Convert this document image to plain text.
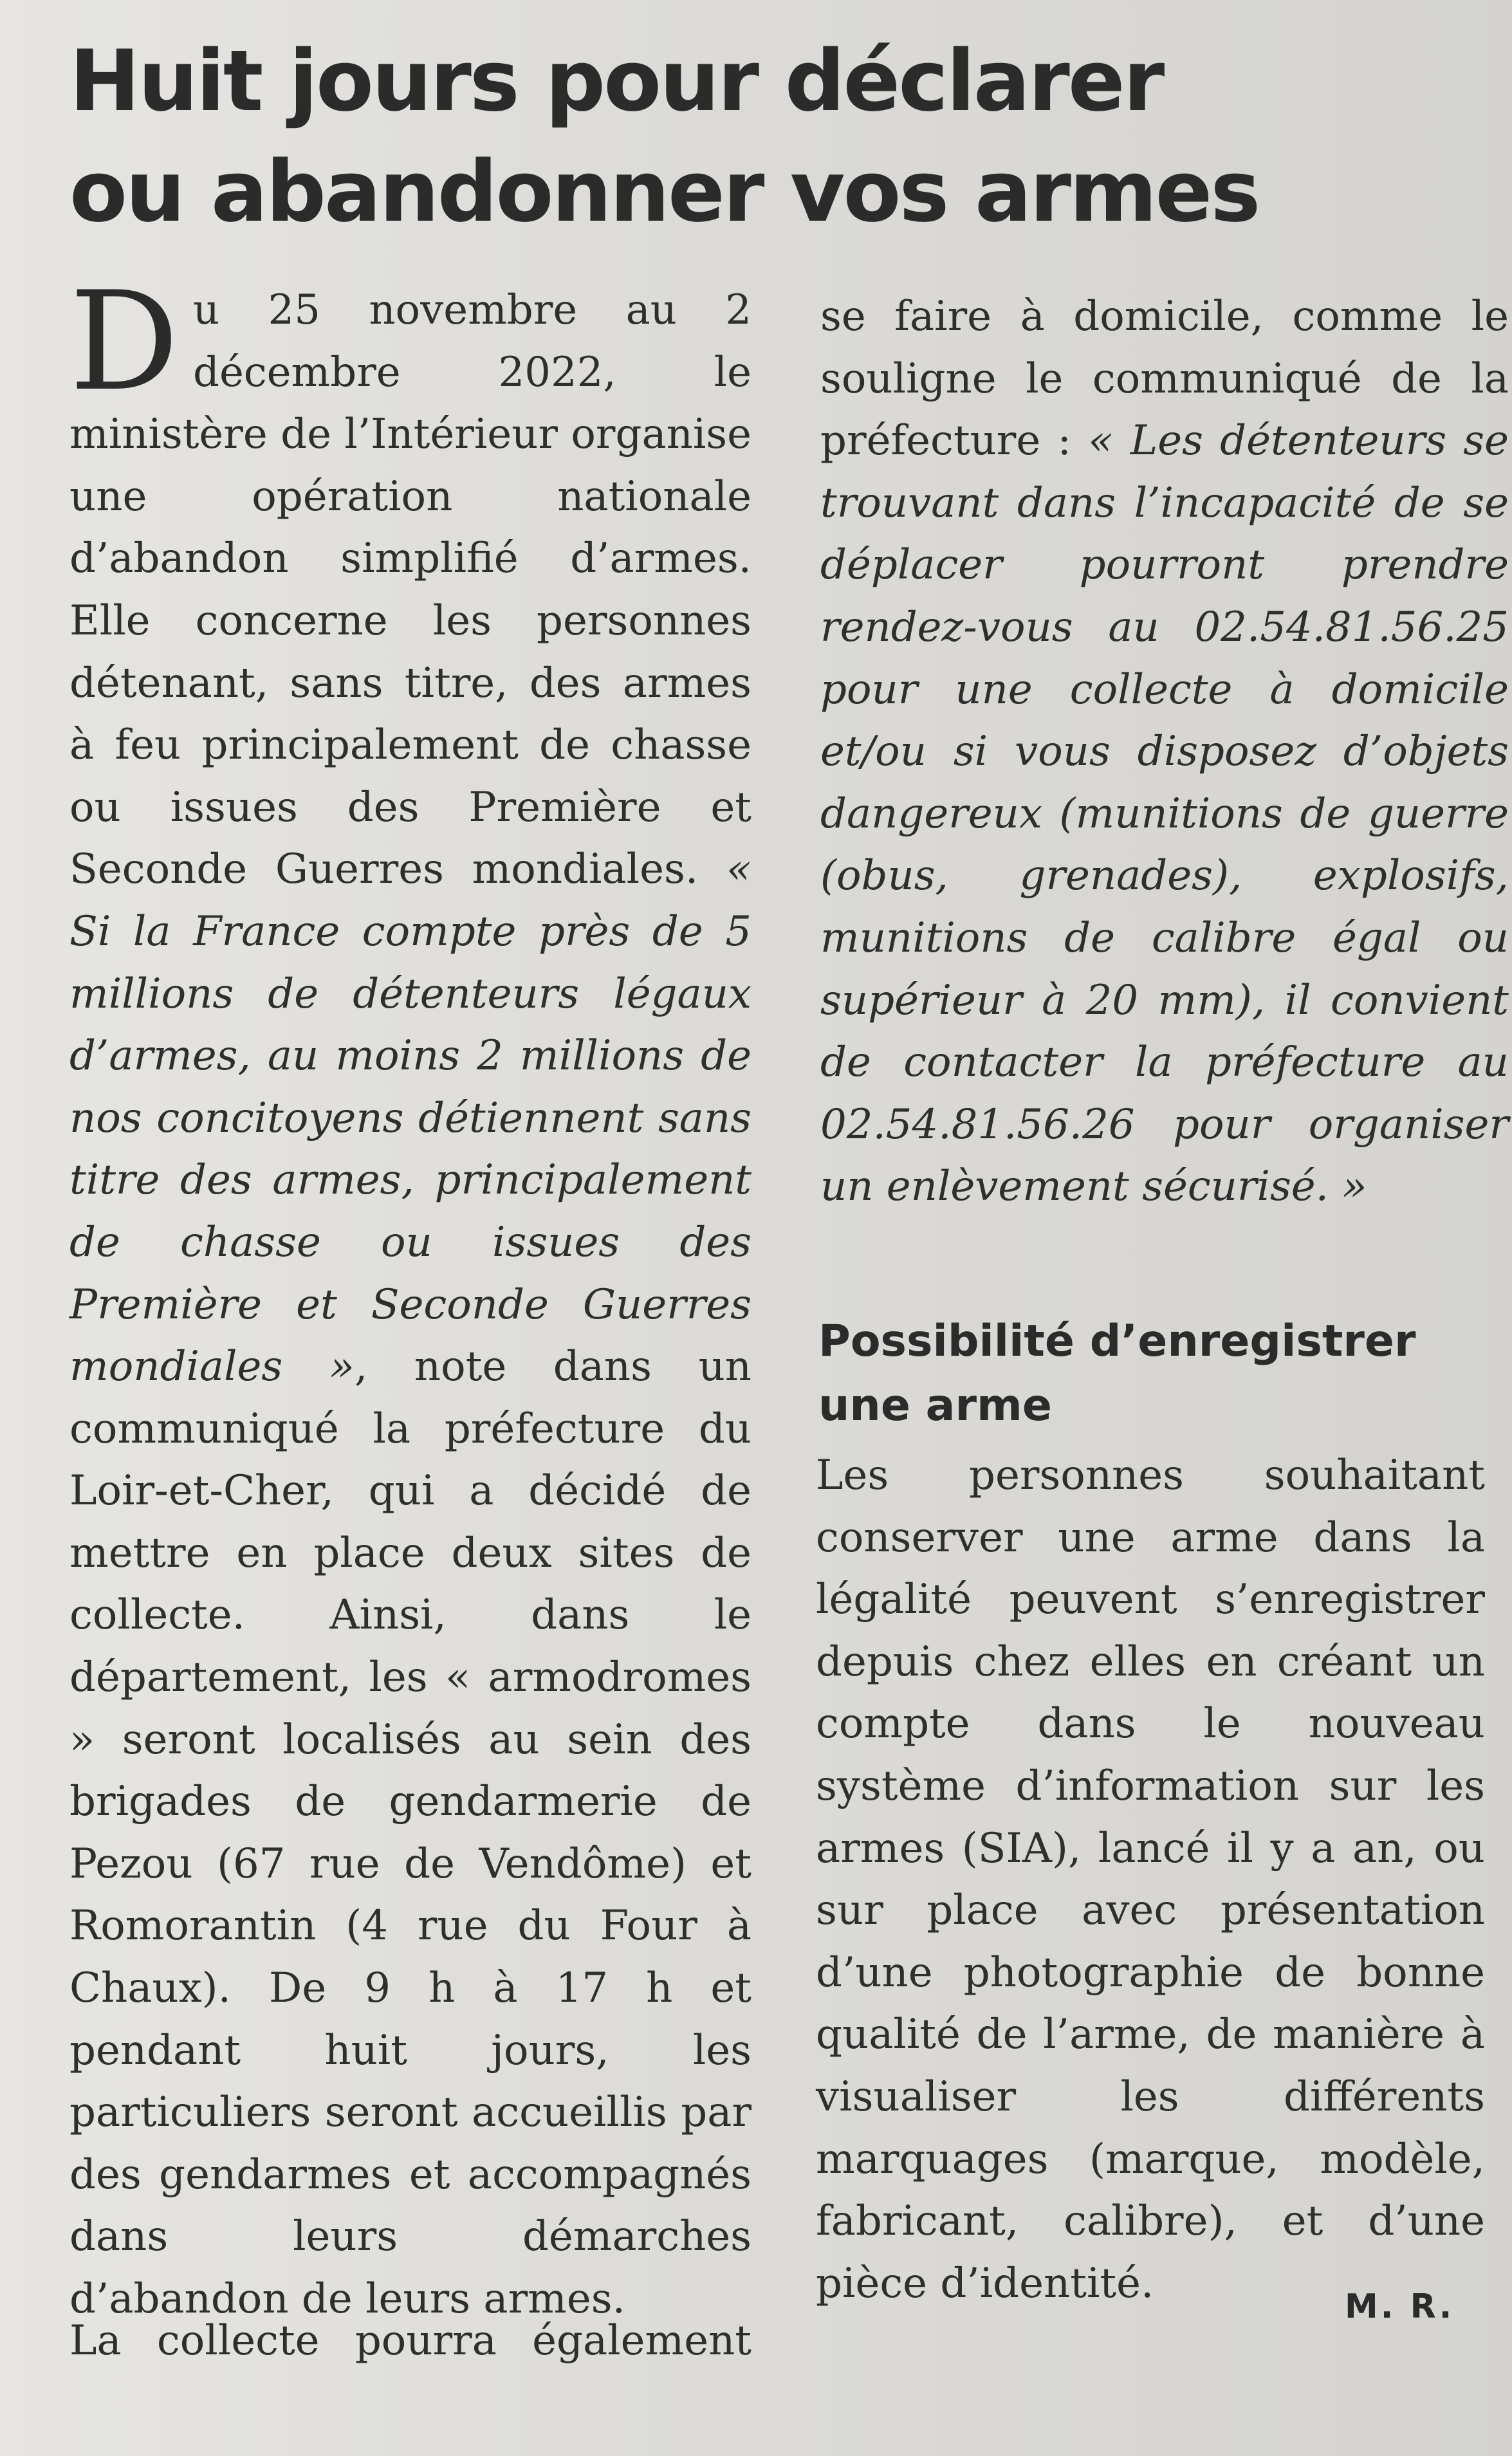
Huit jours pour déclarer
ou abandonner vos armes

Du 25 novembre au 2 décembre 2022, le ministère de l’Intérieur organise une opération nationale d’abandon simplifié d’armes. Elle concerne les personnes détenant, sans titre, des armes à feu principalement de chasse ou issues des Première et Seconde Guerres mondiales. « Si la France compte près de 5 millions de détenteurs légaux d’armes, au moins 2 millions de nos concitoyens détiennent sans titre des armes, principalement de chasse ou issues des Première et Seconde Guerres mondiales », note dans un communiqué la préfecture du Loir-et-Cher, qui a décidé de mettre en place deux sites de collecte. Ainsi, dans le département, les « armodromes » seront localisés au sein des brigades de gendarmerie de Pezou (67 rue de Vendôme) et Romorantin (4 rue du Four à Chaux). De 9 h à 17 h et pendant huit jours, les particuliers seront accueillis par des gendarmes et accompagnés dans leurs démarches d’abandon de leurs armes.

La collecte pourra également

se faire à domicile, comme le souligne le communiqué de la préfecture : « Les détenteurs se trouvant dans l’incapacité de se déplacer pourront prendre rendez-vous au 02.54.81.56.25 pour une collecte à domicile et/ou si vous disposez d’objets dangereux (munitions de guerre (obus, grenades), explosifs, munitions de calibre égal ou supérieur à 20 mm), il convient de contacter la préfecture au 02.54.81.56.26 pour organiser un enlèvement sécurisé. »

Possibilité d’enregistrer une arme

Les personnes souhaitant conserver une arme dans la légalité peuvent s’enregistrer depuis chez elles en créant un compte dans le nouveau système d’information sur les armes (SIA), lancé il y a an, ou sur place avec présentation d’une photographie de bonne qualité de l’arme, de manière à visualiser les différents marquages (marque, modèle, fabricant, calibre), et d’une pièce d’identité.	M. R.
